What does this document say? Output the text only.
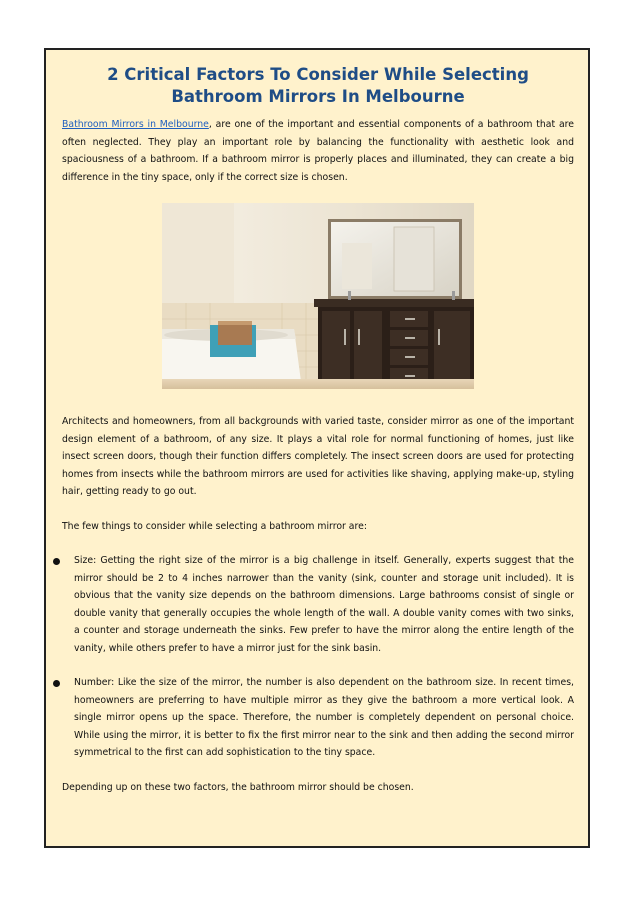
2 Critical Factors To Consider While Selecting Bathroom Mirrors In Melbourne

Bathroom Mirrors in Melbourne, are one of the important and essential components of a bathroom that are often neglected. They play an important role by balancing the functionality with aesthetic look and spaciousness of a bathroom. If a bathroom mirror is properly places and illuminated, they can create a big difference in the tiny space, only if the correct size is chosen.

Architects and homeowners, from all backgrounds with varied taste, consider mirror as one of the important design element of a bathroom, of any size. It plays a vital role for normal functioning of homes, just like insect screen doors, though their function differs completely. The insect screen doors are used for protecting homes from insects while the bathroom mirrors are used for activities like shaving, applying make-up, styling hair, getting ready to go out.

The few things to consider while selecting a bathroom mirror are:

Size: Getting the right size of the mirror is a big challenge in itself. Generally, experts suggest that the mirror should be 2 to 4 inches narrower than the vanity (sink, counter and storage unit included). It is obvious that the vanity size depends on the bathroom dimensions. Large bathrooms consist of single or double vanity that generally occupies the whole length of the wall. A double vanity comes with two sinks, a counter and storage underneath the sinks. Few prefer to have the mirror along the entire length of the vanity, while others prefer to have a mirror just for the sink basin.
Number: Like the size of the mirror, the number is also dependent on the bathroom size. In recent times, homeowners are preferring to have multiple mirror as they give the bathroom a more vertical look. A single mirror opens up the space. Therefore, the number is completely dependent on personal choice. While using the mirror, it is better to fix the first mirror near to the sink and then adding the second mirror symmetrical to the first can add sophistication to the tiny space.

Depending up on these two factors, the bathroom mirror should be chosen.
